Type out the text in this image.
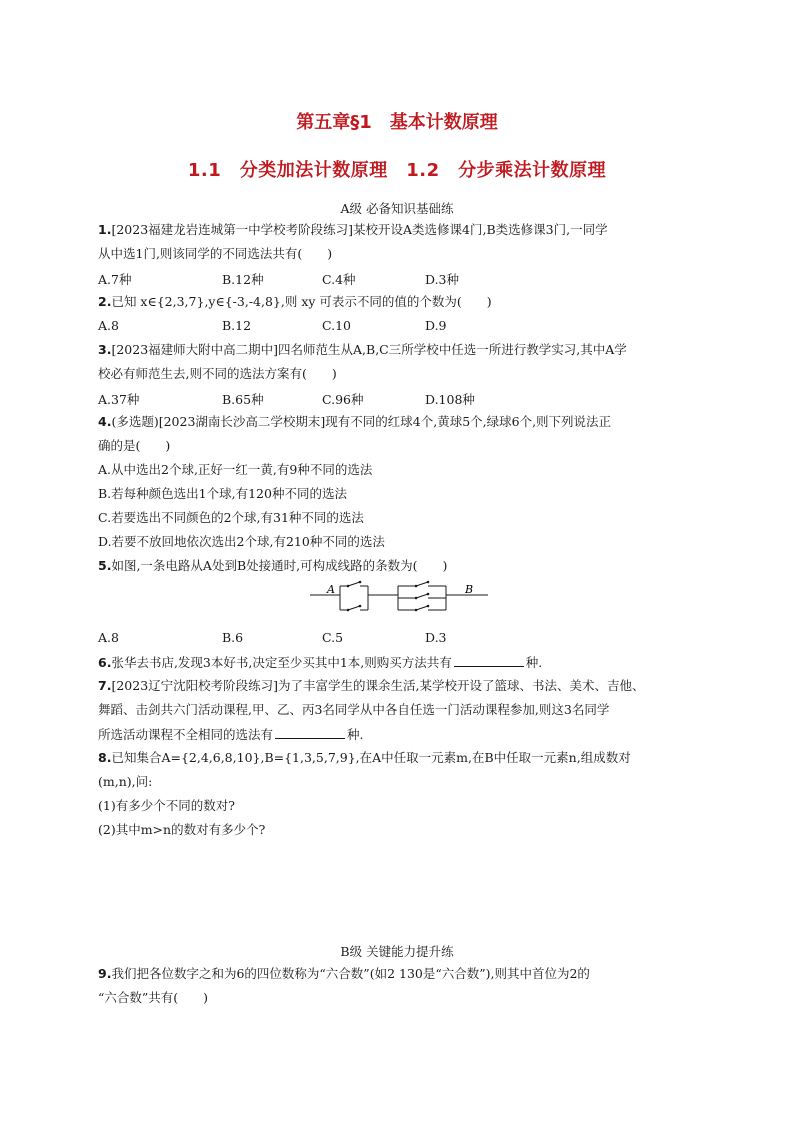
第五章§1　基本计数原理
1.1　分类加法计数原理　1.2　分步乘法计数原理
A级 必备知识基础练
1.[2023福建龙岩连城第一中学校考阶段练习]某校开设A类选修课4门,B类选修课3门,一同学
从中选1门,则该同学的不同选法共有(　　)
A.7种	B.12种	C.4种	D.3种
2.已知 x∈{2,3,7},y∈{-3,-4,8},则 xy 可表示不同的值的个数为(　　)
A.8	B.12	C.10	D.9
3.[2023福建师大附中高二期中]四名师范生从A,B,C三所学校中任选一所进行教学实习,其中A学
校必有师范生去,则不同的选法方案有(　　)
A.37种	B.65种	C.96种	D.108种
4.(多选题)[2023湖南长沙高二学校期末]现有不同的红球4个,黄球5个,绿球6个,则下列说法正
确的是(　　)
A.从中选出2个球,正好一红一黄,有9种不同的选法
B.若每种颜色选出1个球,有120种不同的选法
C.若要选出不同颜色的2个球,有31种不同的选法
D.若要不放回地依次选出2个球,有210种不同的选法
5.如图,一条电路从A处到B处接通时,可构成线路的条数为(　　)
A	B
A.8	B.6	C.5	D.3
6.张华去书店,发现3本好书,决定至少买其中1本,则购买方法共有	种.
7.[2023辽宁沈阳校考阶段练习]为了丰富学生的课余生活,某学校开设了篮球、书法、美术、吉他、
舞蹈、击剑共六门活动课程,甲、乙、丙3名同学从中各自任选一门活动课程参加,则这3名同学
所选活动课程不全相同的选法有	种.
8.已知集合A={2,4,6,8,10},B={1,3,5,7,9},在A中任取一元素m,在B中任取一元素n,组成数对
(m,n),问:
(1)有多少个不同的数对?
(2)其中m>n的数对有多少个?
B级 关键能力提升练
9.我们把各位数字之和为6的四位数称为“六合数”(如2 130是“六合数”),则其中首位为2的
“六合数”共有(　　)
